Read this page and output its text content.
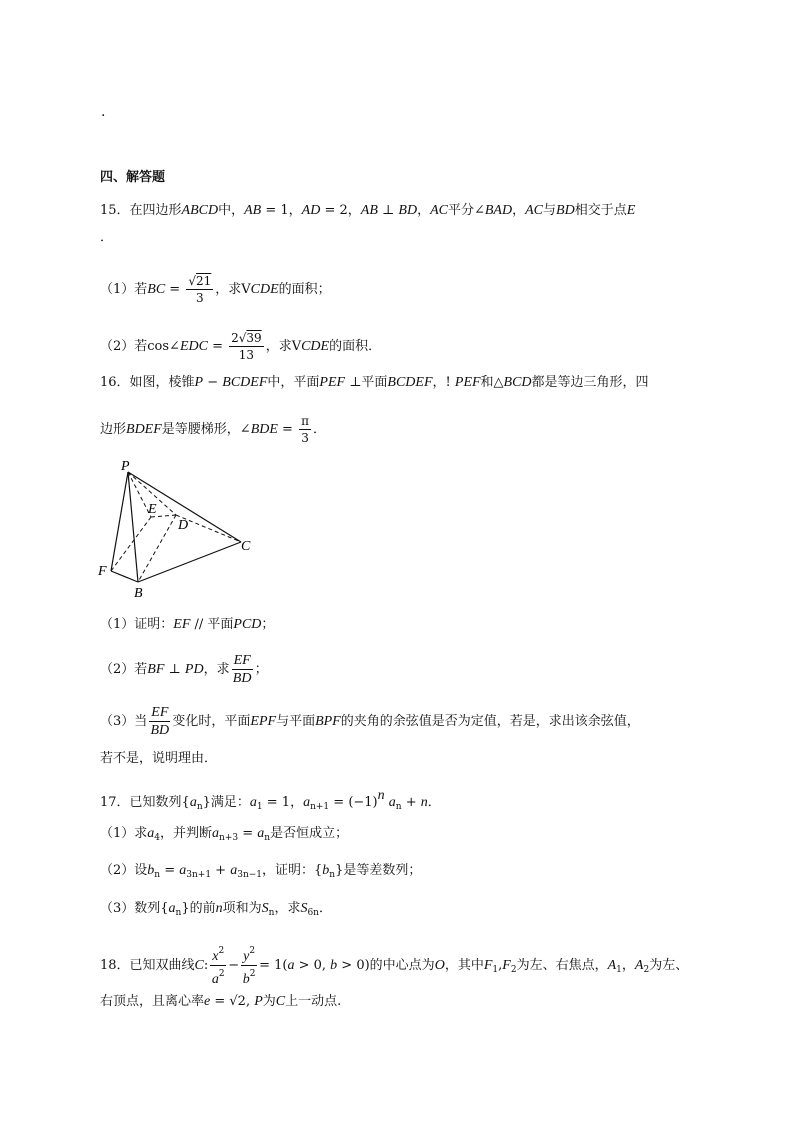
.
四、解答题
15．在四边形ABCD中，AB = 1，AD = 2，AB ⊥ BD，AC平分∠BAD，AC与BD相交于点E
．
（1）若BC = $\frac{√21}{3}$ ，求VCDE的面积；
（2）若cos∠EDC = $\frac{2√39}{13}$ ，求VCDE的面积．
16．如图，棱锥P − BCDEF中，平面PEF ⊥平面BCDEF，! PEF和△BCD都是等边三角形，四
边形BDEF是等腰梯形，∠BDE = $\frac{\pi}{3}$ ．
P
E
D
C
F
B
（1）证明：EF // 平面PCD；
（2）若BF ⊥ PD，求 $\frac{EF}{BD}$ ；
（3）当 $\frac{EF}{BD}$ 变化时，平面EPF与平面BPF的夹角的余弦值是否为定值，若是，求出该余弦值，
若不是，说明理由．
17．已知数列$\{a_n\}$满足：$a_1 = 1$，$a_{n+1} = (-1)^n$ $a_n + n$．
（1）求$a_4$，并判断$a_{n+3} = a_n$是否恒成立；
（2）设$b_n = a_{3n+1} + a_{3n-1}$，证明：$\{b_n\}$是等差数列；
（3）数列$\{a_n\}$的前n项和为$S_n$，求$S_{6n}$．
18．已知双曲线C: $\frac{x^2}{a^2} - \frac{y^2}{b^2} = 1(a > 0$, b > 0)的中心点为O，其中$F_1,F_2$为左、右焦点，$A_1$，$A_2$为左、
右顶点，且离心率e = √2, P为C上一动点.
